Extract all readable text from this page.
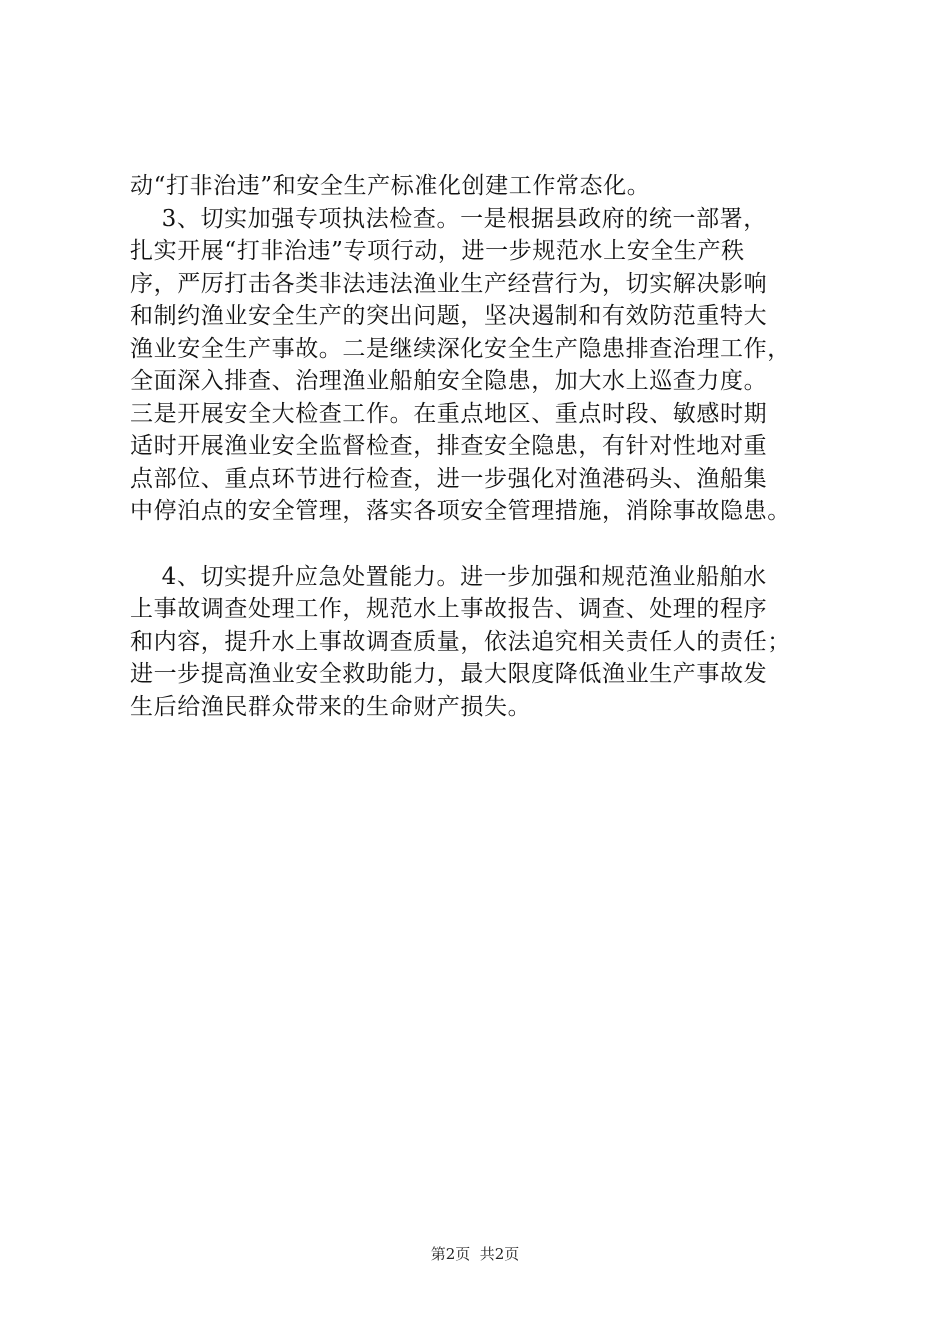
动“打非治违”和安全生产标准化创建工作常态化。
3、切实加强专项执法检查。一是根据县政府的统一部署，
扎实开展“打非治违”专项行动，进一步规范水上安全生产秩
序，严厉打击各类非法违法渔业生产经营行为，切实解决影响
和制约渔业安全生产的突出问题，坚决遏制和有效防范重特大
渔业安全生产事故。二是继续深化安全生产隐患排查治理工作，
全面深入排查、治理渔业船舶安全隐患，加大水上巡查力度。
三是开展安全大检查工作。在重点地区、重点时段、敏感时期
适时开展渔业安全监督检查，排查安全隐患，有针对性地对重
点部位、重点环节进行检查，进一步强化对渔港码头、渔船集
中停泊点的安全管理，落实各项安全管理措施，消除事故隐患。
4、切实提升应急处置能力。进一步加强和规范渔业船舶水
上事故调查处理工作，规范水上事故报告、调查、处理的程序
和内容，提升水上事故调查质量，依法追究相关责任人的责任；
进一步提高渔业安全救助能力，最大限度降低渔业生产事故发
生后给渔民群众带来的生命财产损失。
第2页  共2页
